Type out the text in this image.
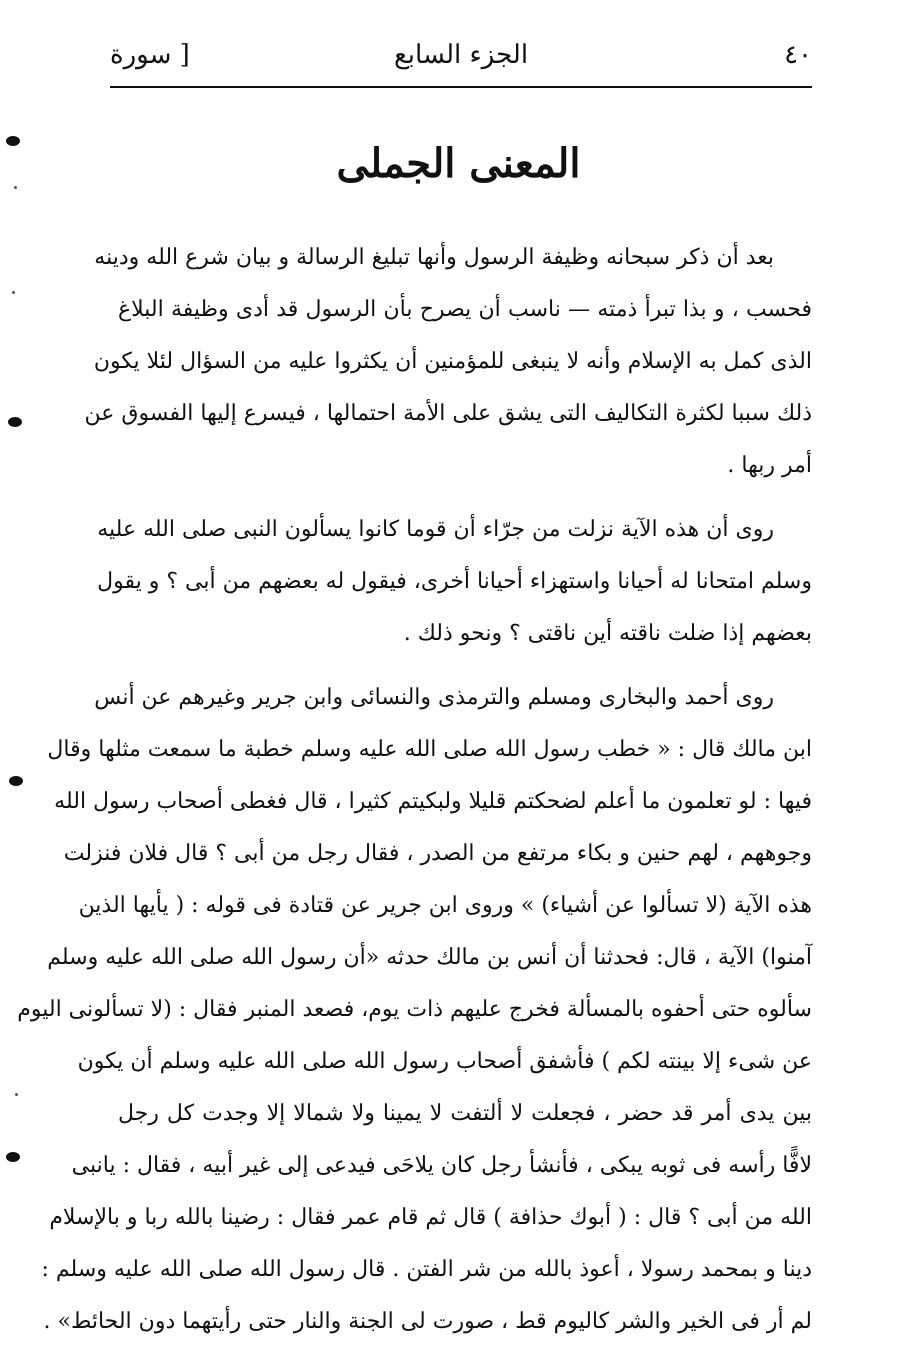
٤٠
الجزء السابع
[ سورة
المعنى الجملى
بعد أن ذكر سبحانه وظيفة الرسول وأنها تبليغ الرسالة و بيان شرع الله ودينه
فحسب ، و بذا تبرأ ذمته — ناسب أن يصرح بأن الرسول قد أدى وظيفة البلاغ
الذى كمل به الإسلام وأنه لا ينبغى للمؤمنين أن يكثروا عليه من السؤال لئلا يكون
ذلك سببا لكثرة التكاليف التى يشق على الأمة احتمالها ، فيسرع إليها الفسوق عن
أمر ربها .
روى أن هذه الآية نزلت من جرّاء أن قوما كانوا يسألون النبى صلى الله عليه
وسلم امتحانا له أحيانا واستهزاء أحيانا أخرى، فيقول له بعضهم من أبى ؟ و يقول
بعضهم إذا ضلت ناقته أين ناقتى ؟ ونحو ذلك .
روى أحمد والبخارى ومسلم والترمذى والنسائى وابن جرير وغيرهم عن أنس
ابن مالك قال : « خطب رسول الله صلى الله عليه وسلم خطبة ما سمعت مثلها وقال
فيها : لو تعلمون ما أعلم لضحكتم قليلا ولبكيتم كثيرا ، قال فغطى أصحاب رسول الله
وجوههم ، لهم حنين و بكاء مرتفع من الصدر ، فقال رجل من أبى ؟ قال فلان فنزلت
هذه الآية (لا تسألوا عن أشياء) » وروى ابن جرير عن قتادة فى قوله : ( يأيها الذين
آمنوا) الآية ، قال: فحدثنا أن أنس بن مالك حدثه «أن رسول الله صلى الله عليه وسلم
سألوه حتى أحفوه بالمسألة فخرج عليهم ذات يوم، فصعد المنبر فقال : (لا تسألونى اليوم
عن شىء إلا بينته لكم ) فأشفق أصحاب رسول الله صلى الله عليه وسلم أن يكون
بين يدى أمر قد حضر ، فجعلت لا ألتفت لا يمينا ولا شمالا إلا وجدت كل رجل
لافًّا رأسه فى ثوبه يبكى ، فأنشأ رجل كان يلاحَى فيدعى إلى غير أبيه ، فقال : يانبى
الله من أبى ؟ قال : ( أبوك حذافة ) قال ثم قام عمر فقال : رضينا بالله ربا و بالإسلام
دينا و بمحمد رسولا ، أعوذ بالله من شر الفتن . قال رسول الله صلى الله عليه وسلم :
لم أر فى الخير والشر كاليوم قط ، صورت لى الجنة والنار حتى رأيتهما دون الحائط» .
